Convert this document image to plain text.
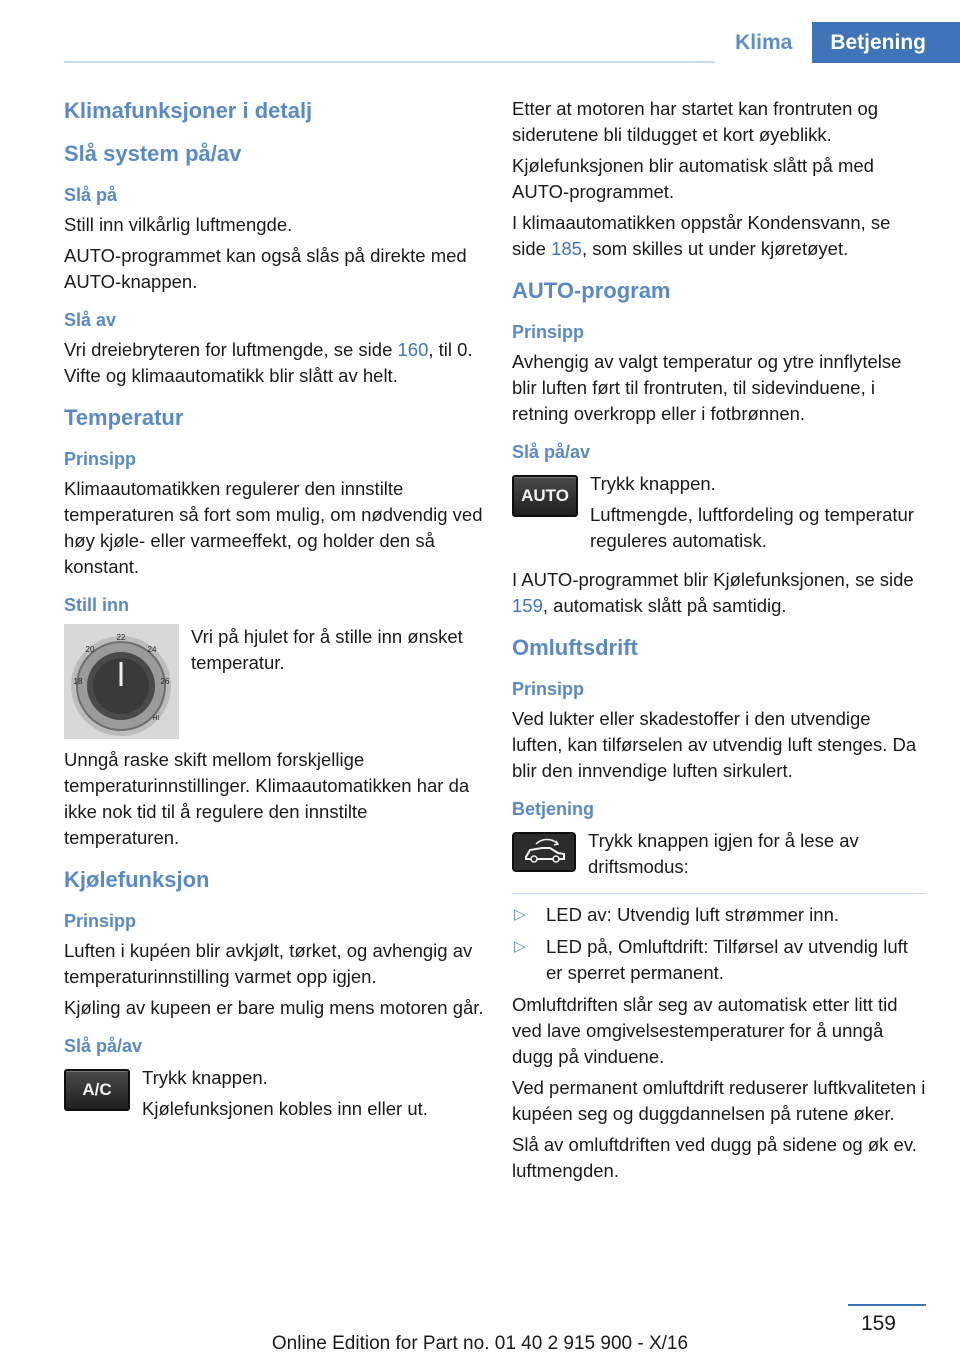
Klima	Betjening
Klimafunksjoner i detalj
Slå system på/av
Slå på

Still inn vilkårlig luftmengde.

AUTO-programmet kan også slås på direkte med AUTO-knappen.

Slå av

Vri dreiebryteren for luftmengde, se side 160, til 0. Vifte og klimaautomatikk blir slått av helt.

Temperatur
Prinsipp

Klimaautomatikken regulerer den innstilte temperaturen så fort som mulig, om nødvendig ved høy kjøle- eller varmeeffekt, og holder den så konstant.

Still inn
22
20	24
18	26
HI

Vri på hjulet for å stille inn ønsket temperatur.

Unngå raske skift mellom forskjellige temperaturinnstillinger. Klimaautomatikken har da ikke nok tid til å regulere den innstilte temperaturen.

Kjølefunksjon
Prinsipp

Luften i kupéen blir avkjølt, tørket, og avhengig av temperaturinnstilling varmet opp igjen.

Kjøling av kupeen er bare mulig mens motoren går.

Slå på/av
A/C

Trykk knappen.

Kjølefunksjonen kobles inn eller ut.

Etter at motoren har startet kan frontruten og siderutene bli tildugget et kort øyeblikk.

Kjølefunksjonen blir automatisk slått på med AUTO-programmet.

I klimaautomatikken oppstår Kondensvann, se side 185, som skilles ut under kjøretøyet.

AUTO-program
Prinsipp

Avhengig av valgt temperatur og ytre innflytelse blir luften ført til frontruten, til sidevinduene, i retning overkropp eller i fotbrønnen.

Slå på/av
AUTO

Trykk knappen.

Luftmengde, luftfordeling og temperatur reguleres automatisk.

I AUTO-programmet blir Kjølefunksjonen, se side 159, automatisk slått på samtidig.

Omluftsdrift
Prinsipp

Ved lukter eller skadestoffer i den utvendige luften, kan tilførselen av utvendig luft stenges. Da blir den innvendige luften sirkulert.

Betjening

Trykk knappen igjen for å lese av driftsmodus:

▷ LED av: Utvendig luft strømmer inn.
▷ LED på, Omluftdrift: Tilførsel av utvendig luft er sperret permanent.

Omluftdriften slår seg av automatisk etter litt tid ved lave omgivelsestemperaturer for å unngå dugg på vinduene.

Ved permanent omluftdrift reduserer luftkvaliteten i kupéen seg og duggdannelsen på rutene øker.

Slå av omluftdriften ved dugg på sidene og øk ev. luftmengden.

159
Online Edition for Part no. 01 40 2 915 900 - X/16
